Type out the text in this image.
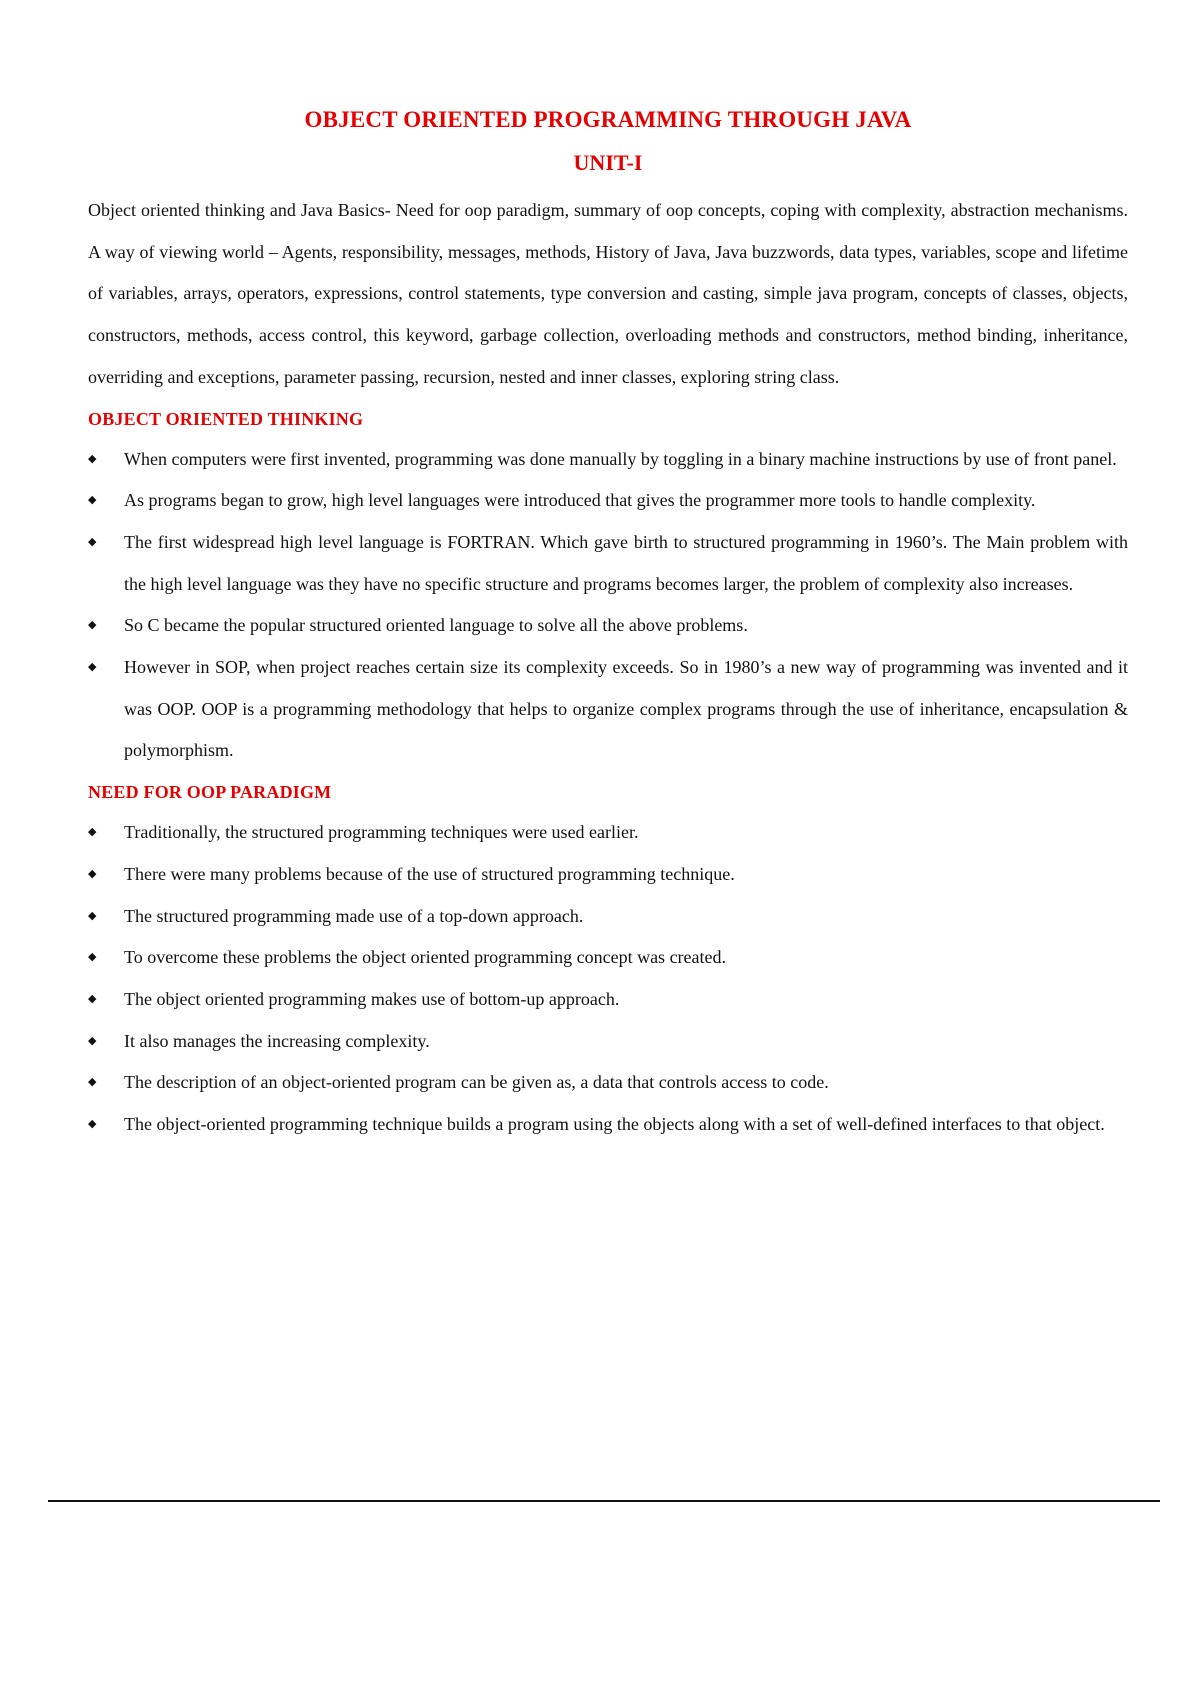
OBJECT ORIENTED PROGRAMMING THROUGH JAVA
UNIT-I

Object oriented thinking and Java Basics- Need for oop paradigm, summary of oop concepts, coping with complexity, abstraction mechanisms. A way of viewing world – Agents, responsibility, messages, methods, History of Java, Java buzzwords, data types, variables, scope and lifetime of variables, arrays, operators, expressions, control statements, type conversion and casting, simple java program, concepts of classes, objects, constructors, methods, access control, this keyword, garbage collection, overloading methods and constructors, method binding, inheritance, overriding and exceptions, parameter passing, recursion, nested and inner classes, exploring string class.

OBJECT ORIENTED THINKING
◆ When computers were first invented, programming was done manually by toggling in a binary machine instructions by use of front panel.
◆ As programs began to grow, high level languages were introduced that gives the programmer more tools to handle complexity.
◆ The first widespread high level language is FORTRAN. Which gave birth to structured programming in 1960’s. The Main problem with the high level language was they have no specific structure and programs becomes larger, the problem of complexity also increases.
◆ So C became the popular structured oriented language to solve all the above problems.
◆ However in SOP, when project reaches certain size its complexity exceeds. So in 1980’s a new way of programming was invented and it was OOP. OOP is a programming methodology that helps to organize complex programs through the use of inheritance, encapsulation & polymorphism.
NEED FOR OOP PARADIGM
◆ Traditionally, the structured programming techniques were used earlier.
◆ There were many problems because of the use of structured programming technique.
◆ The structured programming made use of a top-down approach.
◆ To overcome these problems the object oriented programming concept was created.
◆ The object oriented programming makes use of bottom-up approach.
◆ It also manages the increasing complexity.
◆ The description of an object-oriented program can be given as, a data that controls access to code.
◆ The object-oriented programming technique builds a program using the objects along with a set of well-defined interfaces to that object.
